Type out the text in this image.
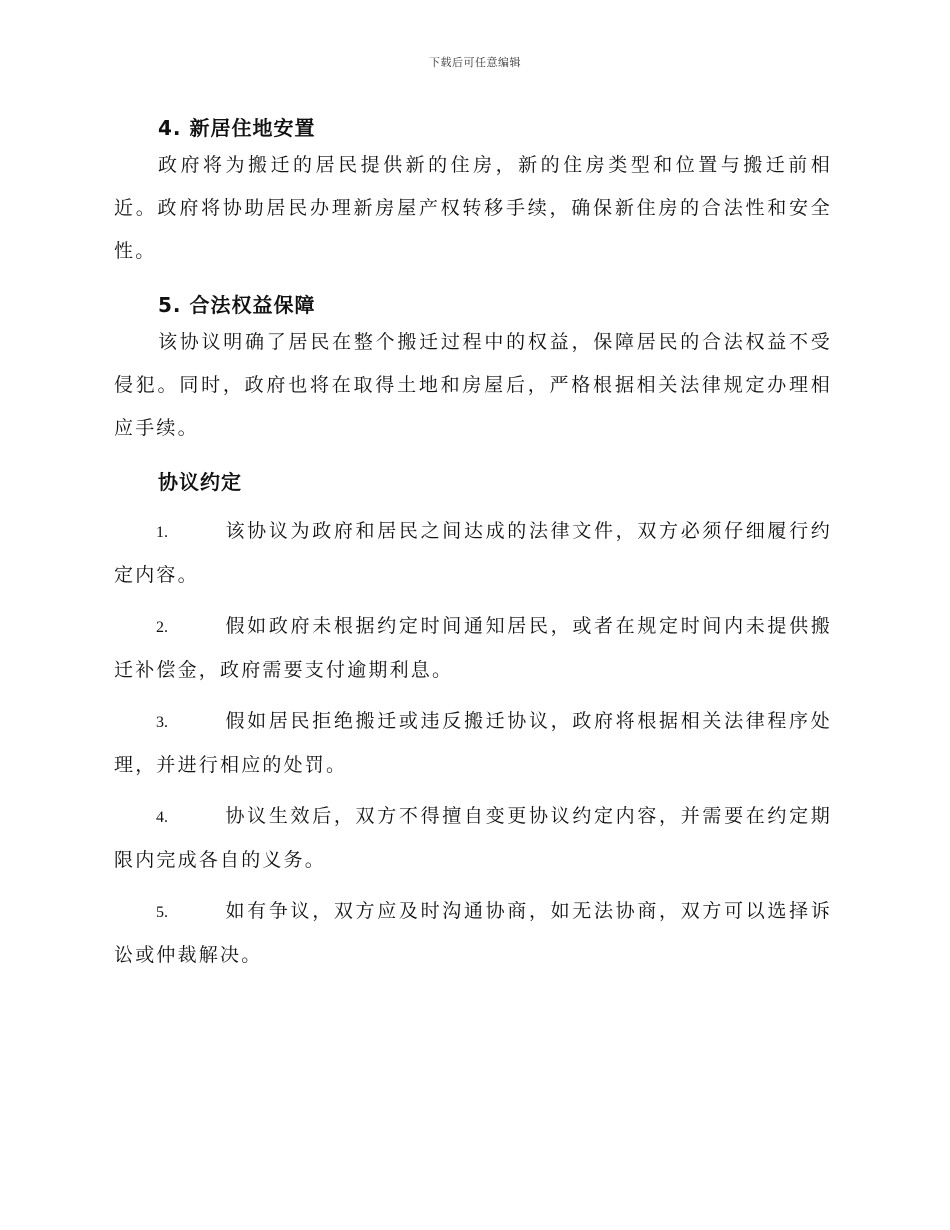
下载后可任意编辑
4. 新居住地安置

政府将为搬迁的居民提供新的住房，新的住房类型和位置与搬迁前相近。政府将协助居民办理新房屋产权转移手续，确保新住房的合法性和安全性。

5. 合法权益保障

该协议明确了居民在整个搬迁过程中的权益，保障居民的合法权益不受侵犯。同时，政府也将在取得土地和房屋后，严格根据相关法律规定办理相应手续。

协议约定

1.	该协议为政府和居民之间达成的法律文件，双方必须仔细履行约定内容。

2.	假如政府未根据约定时间通知居民，或者在规定时间内未提供搬迁补偿金，政府需要支付逾期利息。

3.	假如居民拒绝搬迁或违反搬迁协议，政府将根据相关法律程序处理，并进行相应的处罚。

4.	协议生效后，双方不得擅自变更协议约定内容，并需要在约定期限内完成各自的义务。

5.	如有争议，双方应及时沟通协商，如无法协商，双方可以选择诉讼或仲裁解决。
